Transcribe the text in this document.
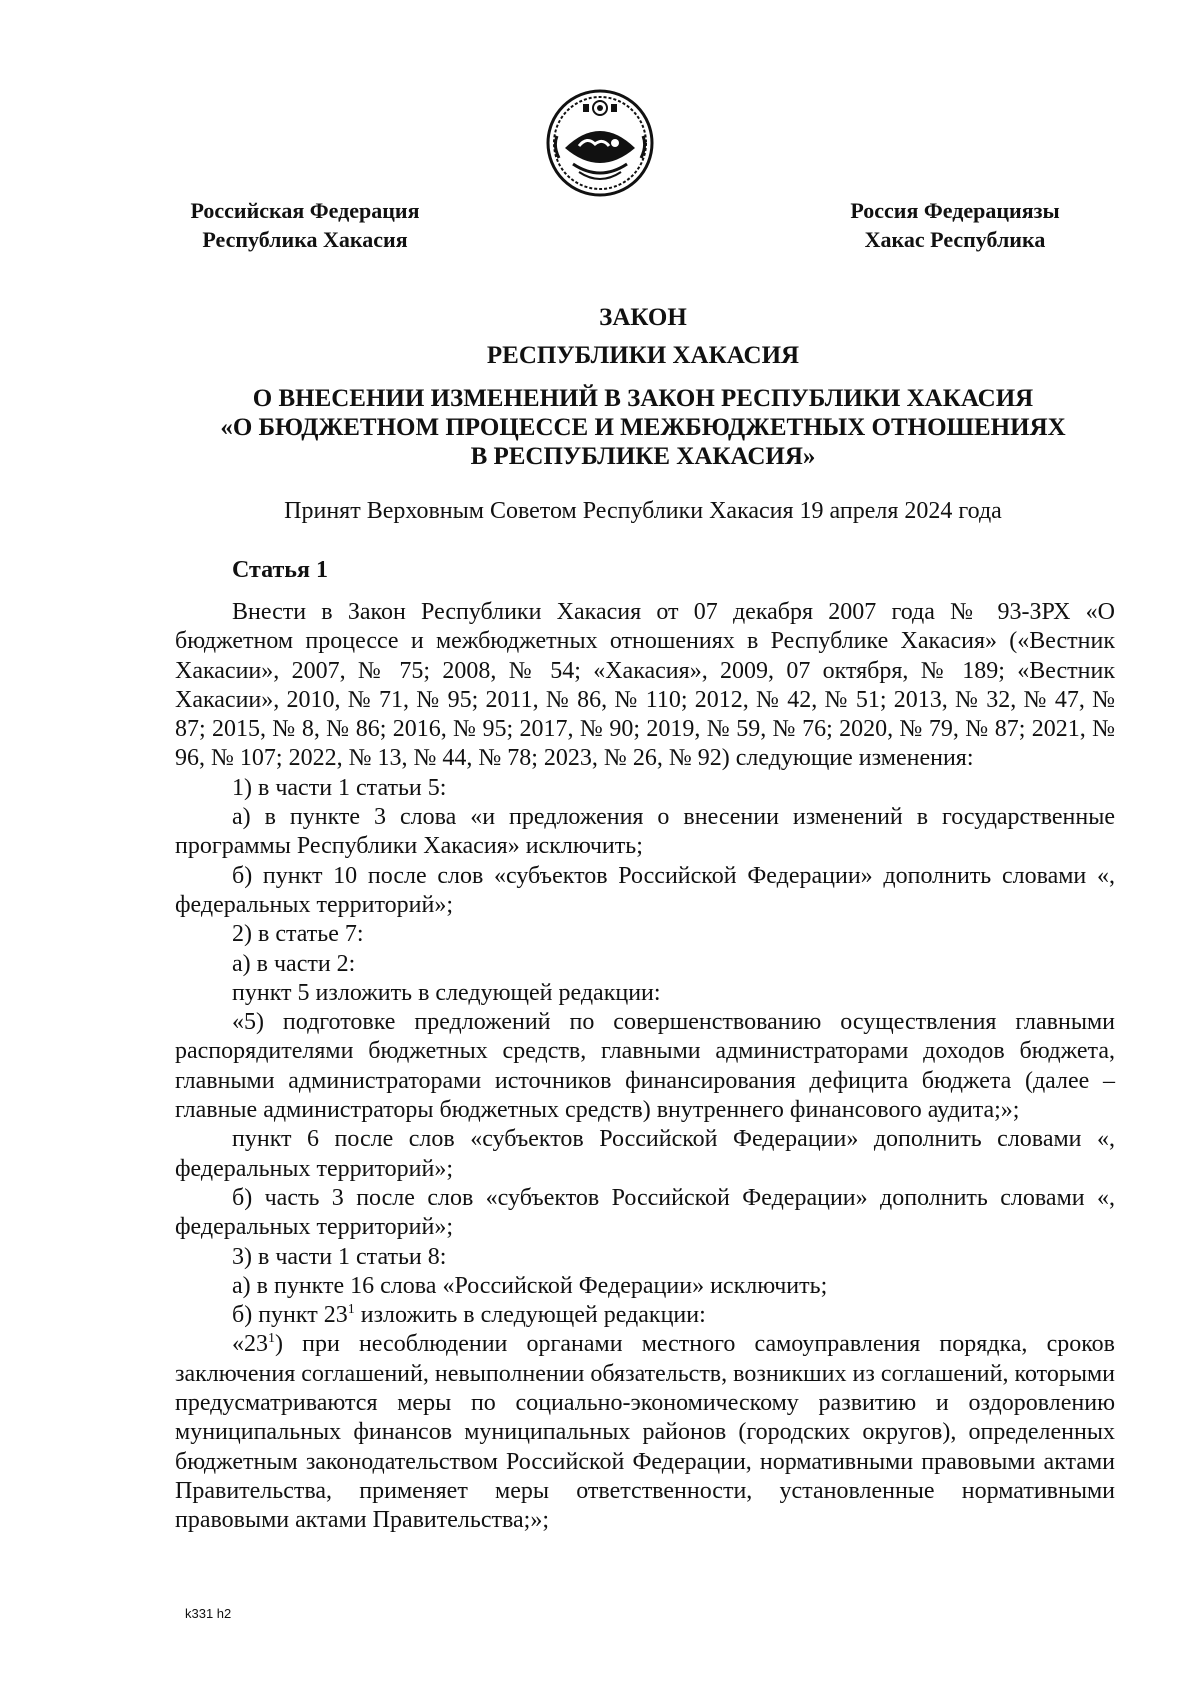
Российская Федерация
Республика Хакасия
Россия Федерациязы
Хакас Республика
ЗАКОН
РЕСПУБЛИКИ ХАКАСИЯ
О ВНЕСЕНИИ ИЗМЕНЕНИЙ В ЗАКОН РЕСПУБЛИКИ ХАКАСИЯ
«О БЮДЖЕТНОМ ПРОЦЕССЕ И МЕЖБЮДЖЕТНЫХ ОТНОШЕНИЯХ
В РЕСПУБЛИКЕ ХАКАСИЯ»
Принят Верховным Советом Республики Хакасия 19 апреля 2024 года
Статья 1

Внести в Закон Республики Хакасия от 07 декабря 2007 года № 93-ЗРХ «О бюджетном процессе и межбюджетных отношениях в Республике Хакасия» («Вестник Хакасии», 2007, № 75; 2008, № 54; «Хакасия», 2009, 07 октября, № 189; «Вестник Хакасии», 2010, № 71, № 95; 2011, № 86, № 110; 2012, № 42, № 51; 2013, № 32, № 47, № 87; 2015, № 8, № 86; 2016, № 95; 2017, № 90; 2019, № 59, № 76; 2020, № 79, № 87; 2021, № 96, № 107; 2022, № 13, № 44, № 78; 2023, № 26, № 92) следующие изменения:

1) в части 1 статьи 5:

а) в пункте 3 слова «и предложения о внесении изменений в государственные программы Республики Хакасия» исключить;

б) пункт 10 после слов «субъектов Российской Федерации» дополнить словами «, федеральных территорий»;

2) в статье 7:

а) в части 2:

пункт 5 изложить в следующей редакции:

«5) подготовке предложений по совершенствованию осуществления главными распорядителями бюджетных средств, главными администраторами доходов бюджета, главными администраторами источников финансирования дефицита бюджета (далее – главные администраторы бюджетных средств) внутреннего финансового аудита;»;

пункт 6 после слов «субъектов Российской Федерации» дополнить словами «, федеральных территорий»;

б) часть 3 после слов «субъектов Российской Федерации» дополнить словами «, федеральных территорий»;

3) в части 1 статьи 8:

а) в пункте 16 слова «Российской Федерации» исключить;

б) пункт $23^1$ изложить в следующей редакции:

«$23^1$) при несоблюдении органами местного самоуправления порядка, сроков заключения соглашений, невыполнении обязательств, возникших из соглашений, которыми предусматриваются меры по социально-экономическому развитию и оздоровлению муниципальных финансов муниципальных районов (городских округов), определенных бюджетным законодательством Российской Федерации, нормативными правовыми актами Правительства, применяет меры ответственности, установленные нормативными правовыми актами Правительства;»;

k331 h2
